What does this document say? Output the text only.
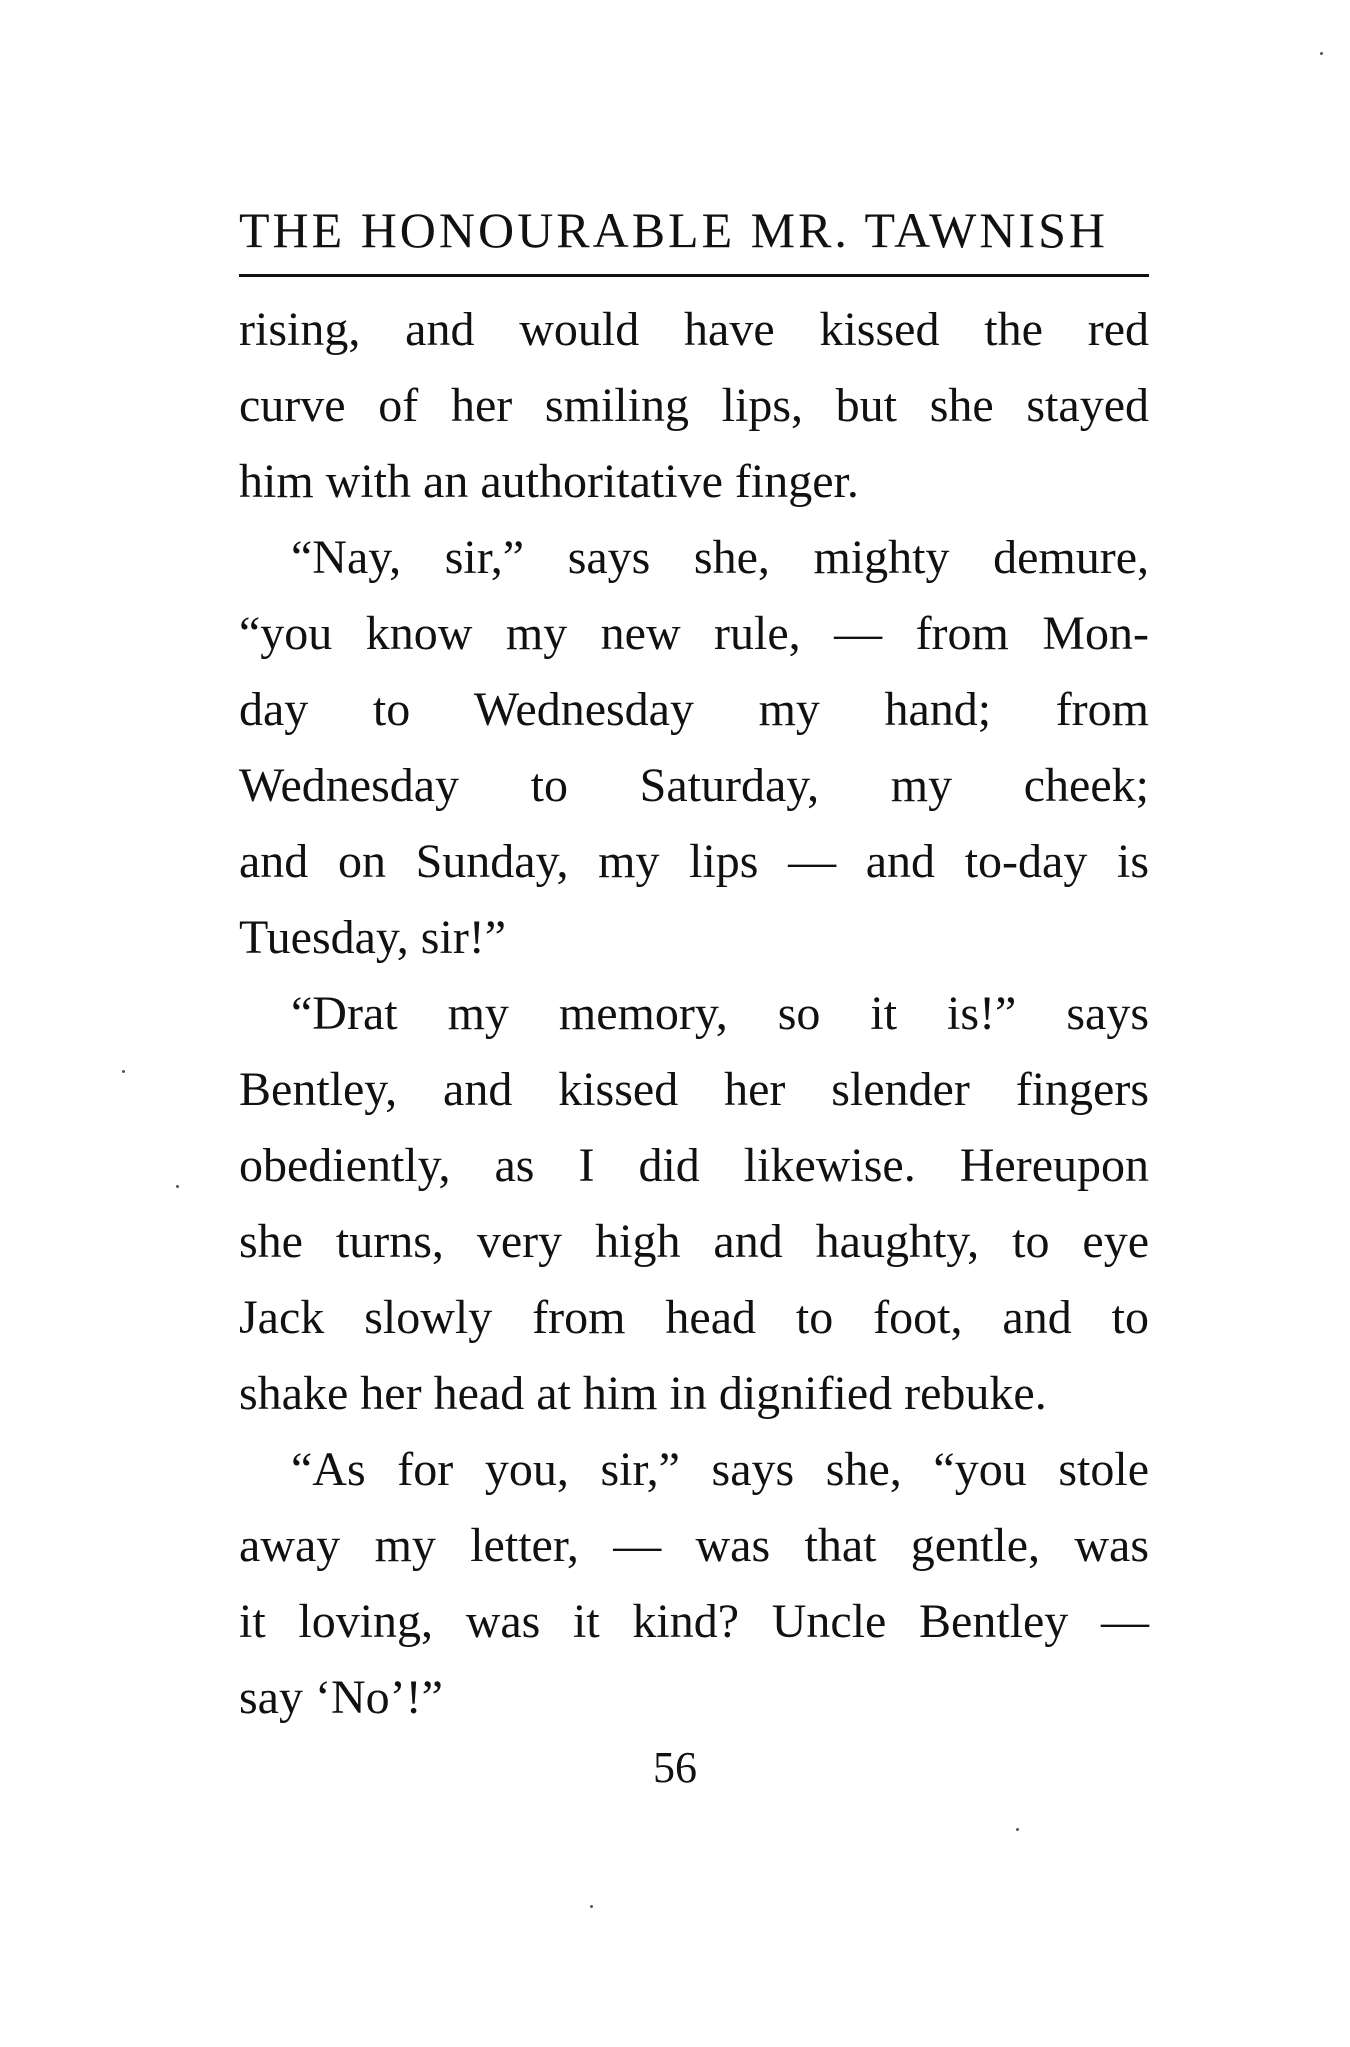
THE HONOURABLE MR. TAWNISH
rising, and would have kissed the red
curve of her smiling lips, but she stayed
him with an authoritative finger.
“Nay, sir,” says she, mighty demure,
“you know my new rule, — from Mon-
day to Wednesday my hand; from
Wednesday to Saturday, my cheek;
and on Sunday, my lips — and to-day is
Tuesday, sir!”
“Drat my memory, so it is!” says
Bentley, and kissed her slender fingers
obediently, as I did likewise. Hereupon
she turns, very high and haughty, to eye
Jack slowly from head to foot, and to
shake her head at him in dignified rebuke.
“As for you, sir,” says she, “you stole
away my letter, — was that gentle, was
it loving, was it kind? Uncle Bentley —
say ‘No’!”
56
